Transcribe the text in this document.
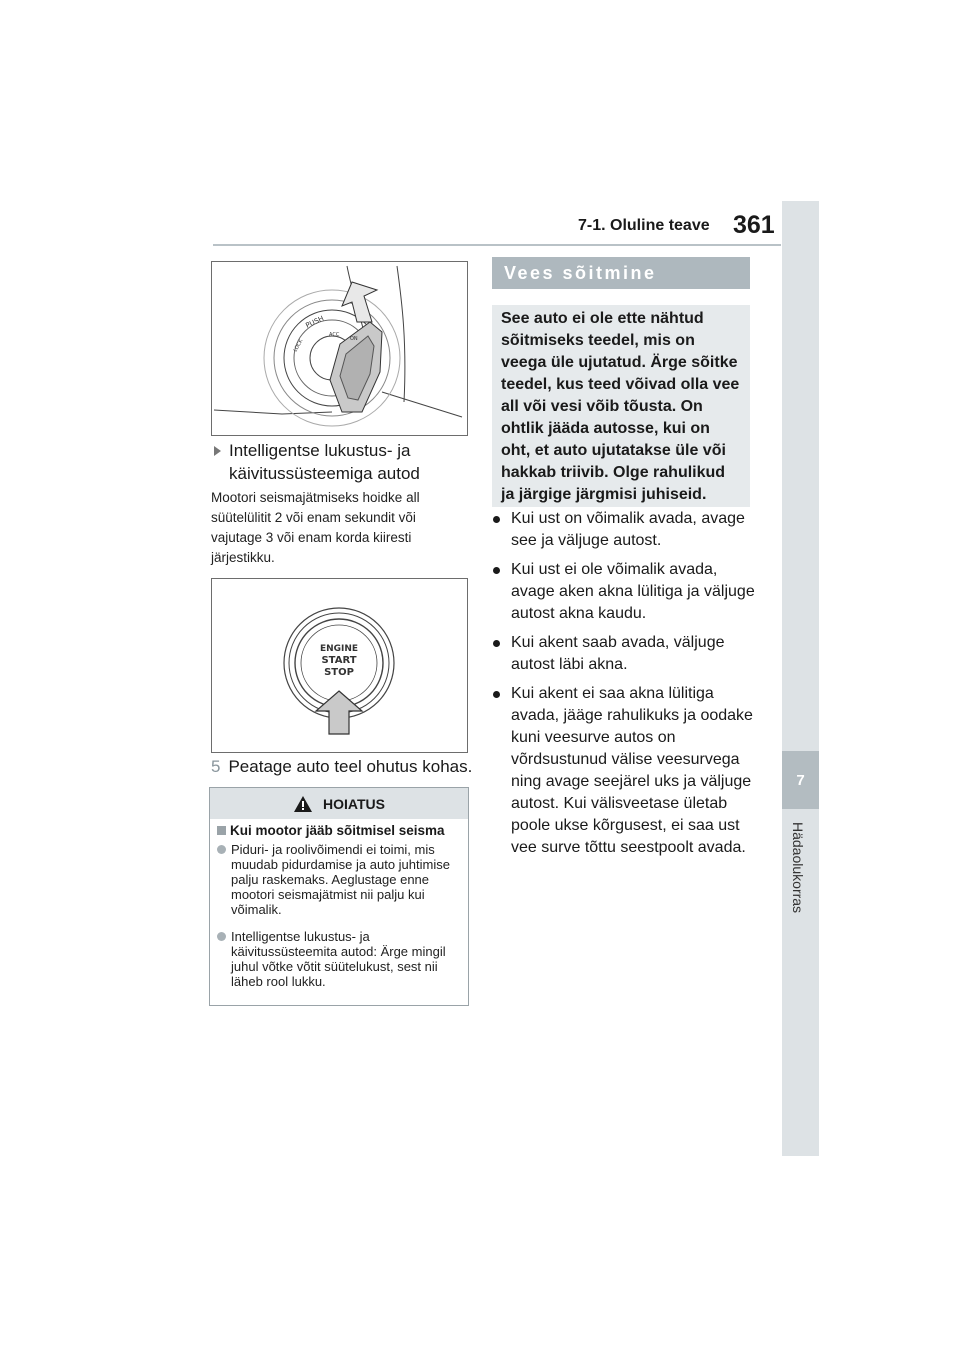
7-1. Oluline teave 361
7
Hädaolukorras
PUSH
LOCK
ACC
ON
Intelligentse lukustus- ja käivitussüsteemiga autod
Mootori seismajätmiseks hoidke all süütelülitit 2 või enam sekundit või vajutage 3 või enam korda kiiresti järjestikku.
ENGINE
START
STOP
5 Peatage auto teel ohutus kohas.
HOIATUS
Kui mootor jääb sõitmisel seisma
Piduri- ja roolivõimendi ei toimi, mis muudab pidurdamise ja auto juhtimise palju raskemaks. Aeglustage enne mootori seismajätmist nii palju kui võimalik.
Intelligentse lukustus- ja käivitussüsteemita autod: Ärge mingil juhul võtke võtit süütelukust, sest nii läheb rool lukku.
Vees sõitmine
See auto ei ole ette nähtud sõitmiseks teedel, mis on veega üle ujutatud. Ärge sõitke teedel, kus teed võivad olla vee all või vesi võib tõusta. On ohtlik jääda autosse, kui on oht, et auto ujutatakse üle või hakkab triivib. Olge rahulikud ja järgige järgmisi juhiseid.
Kui ust on võimalik avada, avage see ja väljuge autost.
Kui ust ei ole võimalik avada, avage aken akna lülitiga ja väljuge autost akna kaudu.
Kui akent saab avada, väljuge autost läbi akna.
Kui akent ei saa akna lülitiga avada, jääge rahulikuks ja oodake kuni veesurve autos on võrdsustunud välise veesurvega ning avage seejärel uks ja väljuge autost. Kui välisveetase ületab poole ukse kõrgusest, ei saa ust vee surve tõttu seestpoolt avada.
